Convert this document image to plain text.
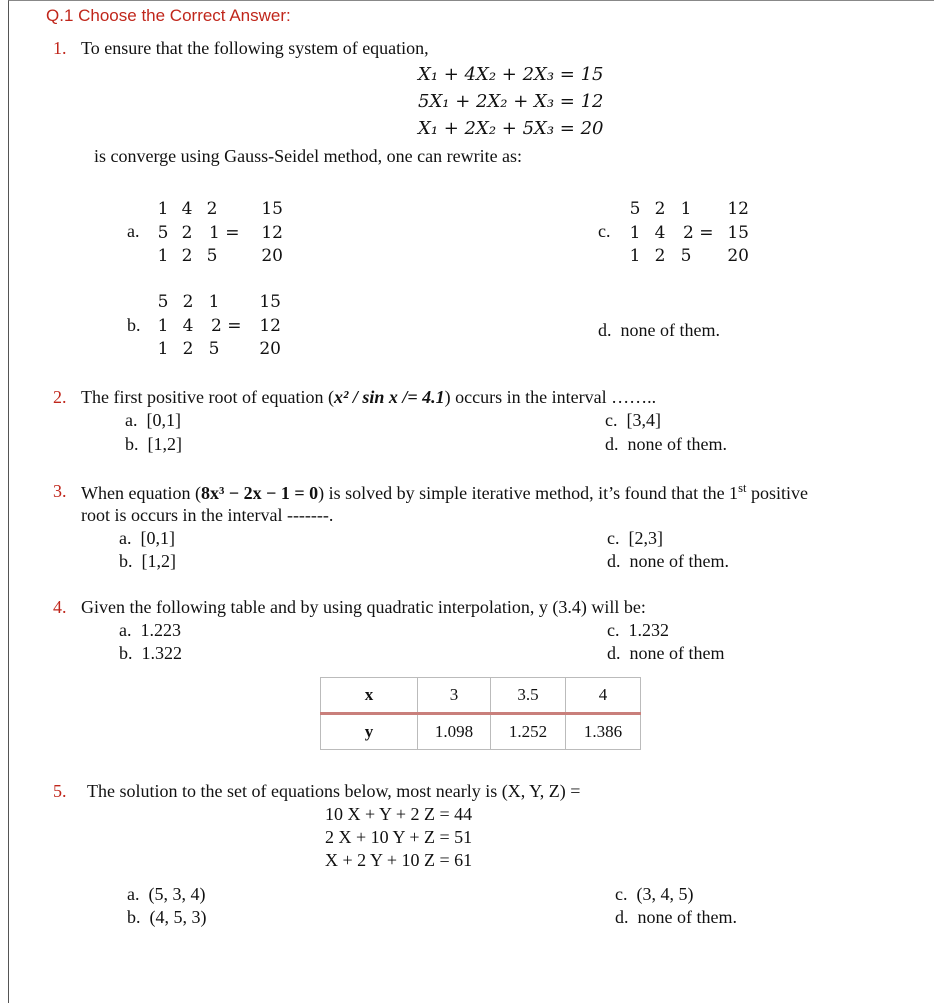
Q.1 Choose the Correct Answer:
1. To ensure that the following system of equation,
X₁ + 4X₂ + 2X₃ = 15
5X₁ + 2X₂ + X₃ = 12
X₁ + 2X₂ + 5X₃ = 20
is converge using Gauss-Seidel method, one can rewrite as:
a.
1 4 2	15
5 2 1 = 12
1 2 5	20
c.
5 2 1 12
1 4 2 = 15
1 2 5 20
b.
5 2 1 15
1 4 2 = 12
1 2 5 20
d. none of them.
2. The first positive root of equation (x² / sin x /= 4.1) occurs in the interval ……..
a. [0,1]
b. [1,2]
c. [3,4]
d. none of them.
3. When equation (8x³ − 2x − 1 = 0) is solved by simple iterative method, it’s found that the 1st positive
root is occurs in the interval -------.
a. [0,1]
b. [1,2]
c. [2,3]
d. none of them.
4. Given the following table and by using quadratic interpolation, y (3.4) will be:
a. 1.223
b. 1.322
c. 1.232
d. none of them
x	3	3.5	4
y	1.098	1.252	1.386
5. The solution to the set of equations below, most nearly is (X, Y, Z) =
10 X + Y + 2 Z = 44
2 X + 10 Y + Z = 51
X + 2 Y + 10 Z = 61
a. (5, 3, 4)
b. (4, 5, 3)
c. (3, 4, 5)
d. none of them.
